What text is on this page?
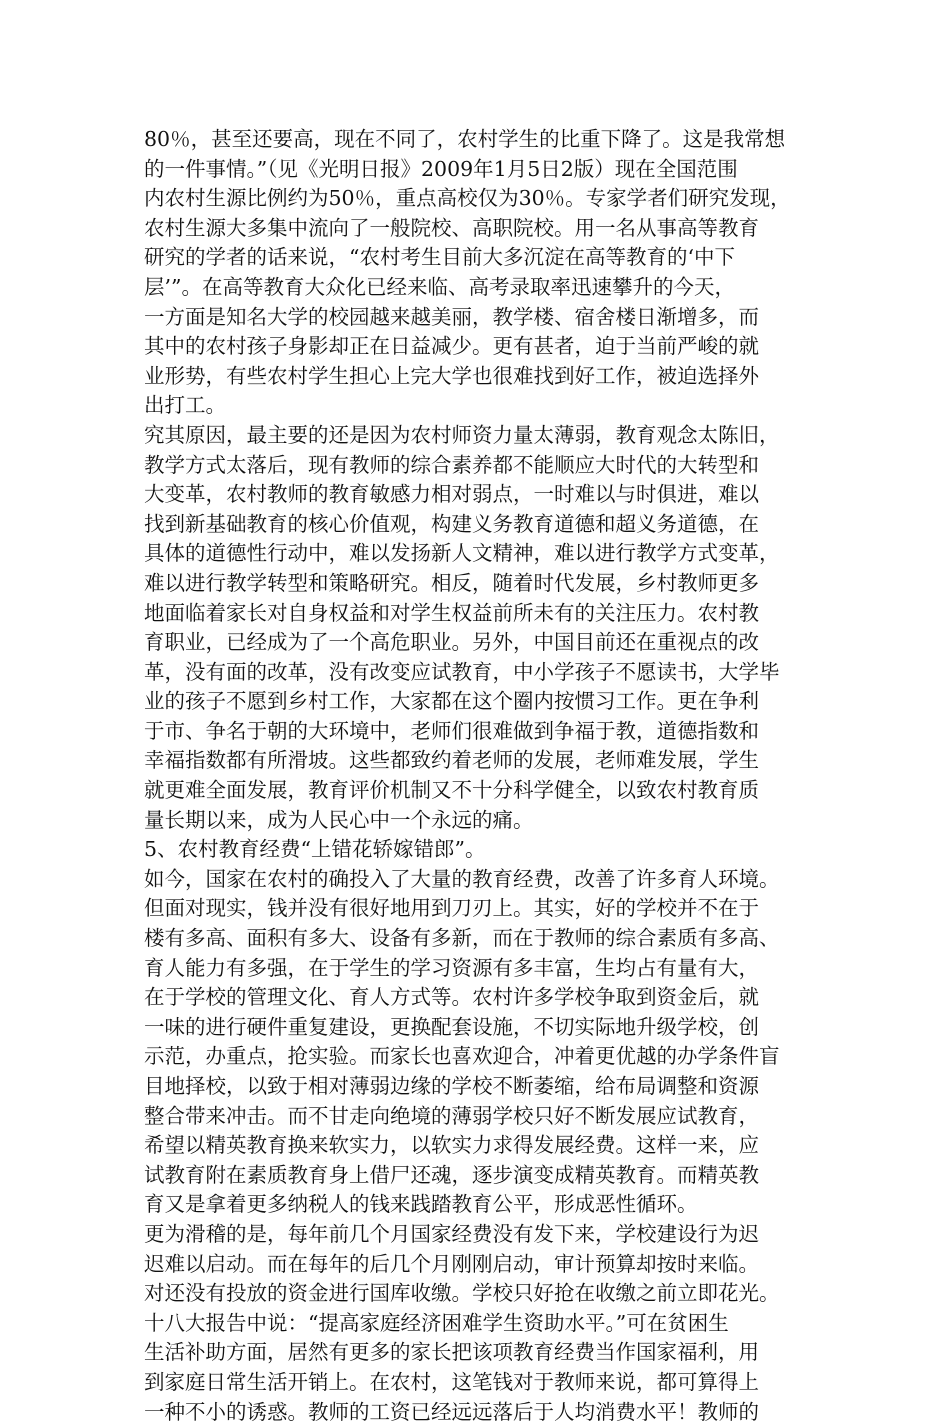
80％，甚至还要高，现在不同了，农村学生的比重下降了。这是我常想
的一件事情。”（见《光明日报》2009年1月5日2版）现在全国范围
内农村生源比例约为50％，重点高校仅为30％。专家学者们研究发现，
农村生源大多集中流向了一般院校、高职院校。用一名从事高等教育
研究的学者的话来说，“农村考生目前大多沉淀在高等教育的‘中下
层’”。在高等教育大众化已经来临、高考录取率迅速攀升的今天，
一方面是知名大学的校园越来越美丽，教学楼、宿舍楼日渐增多，而
其中的农村孩子身影却正在日益减少。更有甚者，迫于当前严峻的就
业形势，有些农村学生担心上完大学也很难找到好工作，被迫选择外
出打工。
究其原因，最主要的还是因为农村师资力量太薄弱，教育观念太陈旧，
教学方式太落后，现有教师的综合素养都不能顺应大时代的大转型和
大变革，农村教师的教育敏感力相对弱点，一时难以与时俱进，难以
找到新基础教育的核心价值观，构建义务教育道德和超义务道德，在
具体的道德性行动中，难以发扬新人文精神，难以进行教学方式变革，
难以进行教学转型和策略研究。相反，随着时代发展，乡村教师更多
地面临着家长对自身权益和对学生权益前所未有的关注压力。农村教
育职业，已经成为了一个高危职业。另外，中国目前还在重视点的改
革，没有面的改革，没有改变应试教育，中小学孩子不愿读书，大学毕
业的孩子不愿到乡村工作，大家都在这个圈内按惯习工作。更在争利
于市、争名于朝的大环境中，老师们很难做到争福于教，道德指数和
幸福指数都有所滑坡。这些都致约着老师的发展，老师难发展，学生
就更难全面发展，教育评价机制又不十分科学健全，以致农村教育质
量长期以来，成为人民心中一个永远的痛。
5、农村教育经费“上错花轿嫁错郎”。
如今，国家在农村的确投入了大量的教育经费，改善了许多育人环境。
但面对现实，钱并没有很好地用到刀刃上。其实，好的学校并不在于
楼有多高、面积有多大、设备有多新，而在于教师的综合素质有多高、
育人能力有多强，在于学生的学习资源有多丰富，生均占有量有大，
在于学校的管理文化、育人方式等。农村许多学校争取到资金后，就
一味的进行硬件重复建设，更换配套设施，不切实际地升级学校，创
示范，办重点，抢实验。而家长也喜欢迎合，冲着更优越的办学条件盲
目地择校，以致于相对薄弱边缘的学校不断萎缩，给布局调整和资源
整合带来冲击。而不甘走向绝境的薄弱学校只好不断发展应试教育，
希望以精英教育换来软实力，以软实力求得发展经费。这样一来，应
试教育附在素质教育身上借尸还魂，逐步演变成精英教育。而精英教
育又是拿着更多纳税人的钱来践踏教育公平，形成恶性循环。
更为滑稽的是，每年前几个月国家经费没有发下来，学校建设行为迟
迟难以启动。而在每年的后几个月刚刚启动，审计预算却按时来临。
对还没有投放的资金进行国库收缴。学校只好抢在收缴之前立即花光。
十八大报告中说：“提高家庭经济困难学生资助水平。”可在贫困生
生活补助方面，居然有更多的家长把该项教育经费当作国家福利，用
到家庭日常生活开销上。在农村，这笔钱对于教师来说，都可算得上
一种不小的诱惑。教师的工资已经远远落后于人均消费水平！教师的
